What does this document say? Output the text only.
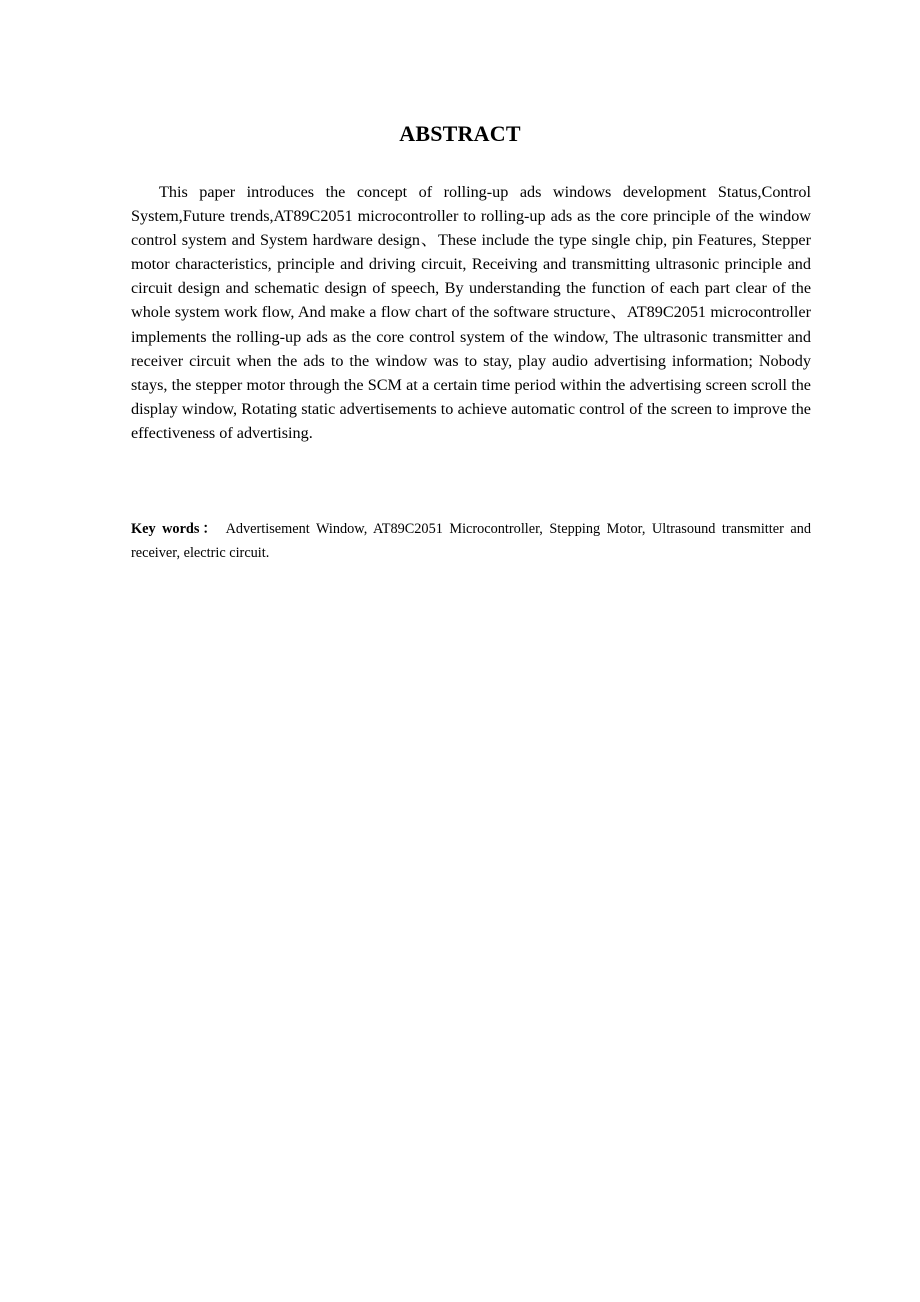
ABSTRACT

This paper introduces the concept of rolling-up ads windows development Status,Control System,Future trends,AT89C2051 microcontroller to rolling-up ads as the core principle of the window control system and System hardware design、These include the type single chip, pin Features, Stepper motor characteristics, principle and driving circuit, Receiving and transmitting ultrasonic principle and circuit design and schematic design of speech, By understanding the function of each part clear of the whole system work flow, And make a flow chart of the software structure、AT89C2051 microcontroller implements the rolling-up ads as the core control system of the window, The ultrasonic transmitter and receiver circuit when the ads to the window was to stay, play audio advertising information; Nobody stays, the stepper motor through the SCM at a certain time period within the advertising screen scroll the display window, Rotating static advertisements to achieve automatic control of the screen to improve the effectiveness of advertising.

Key words： Advertisement Window, AT89C2051 Microcontroller, Stepping Motor, Ultrasound transmitter and receiver, electric circuit.
